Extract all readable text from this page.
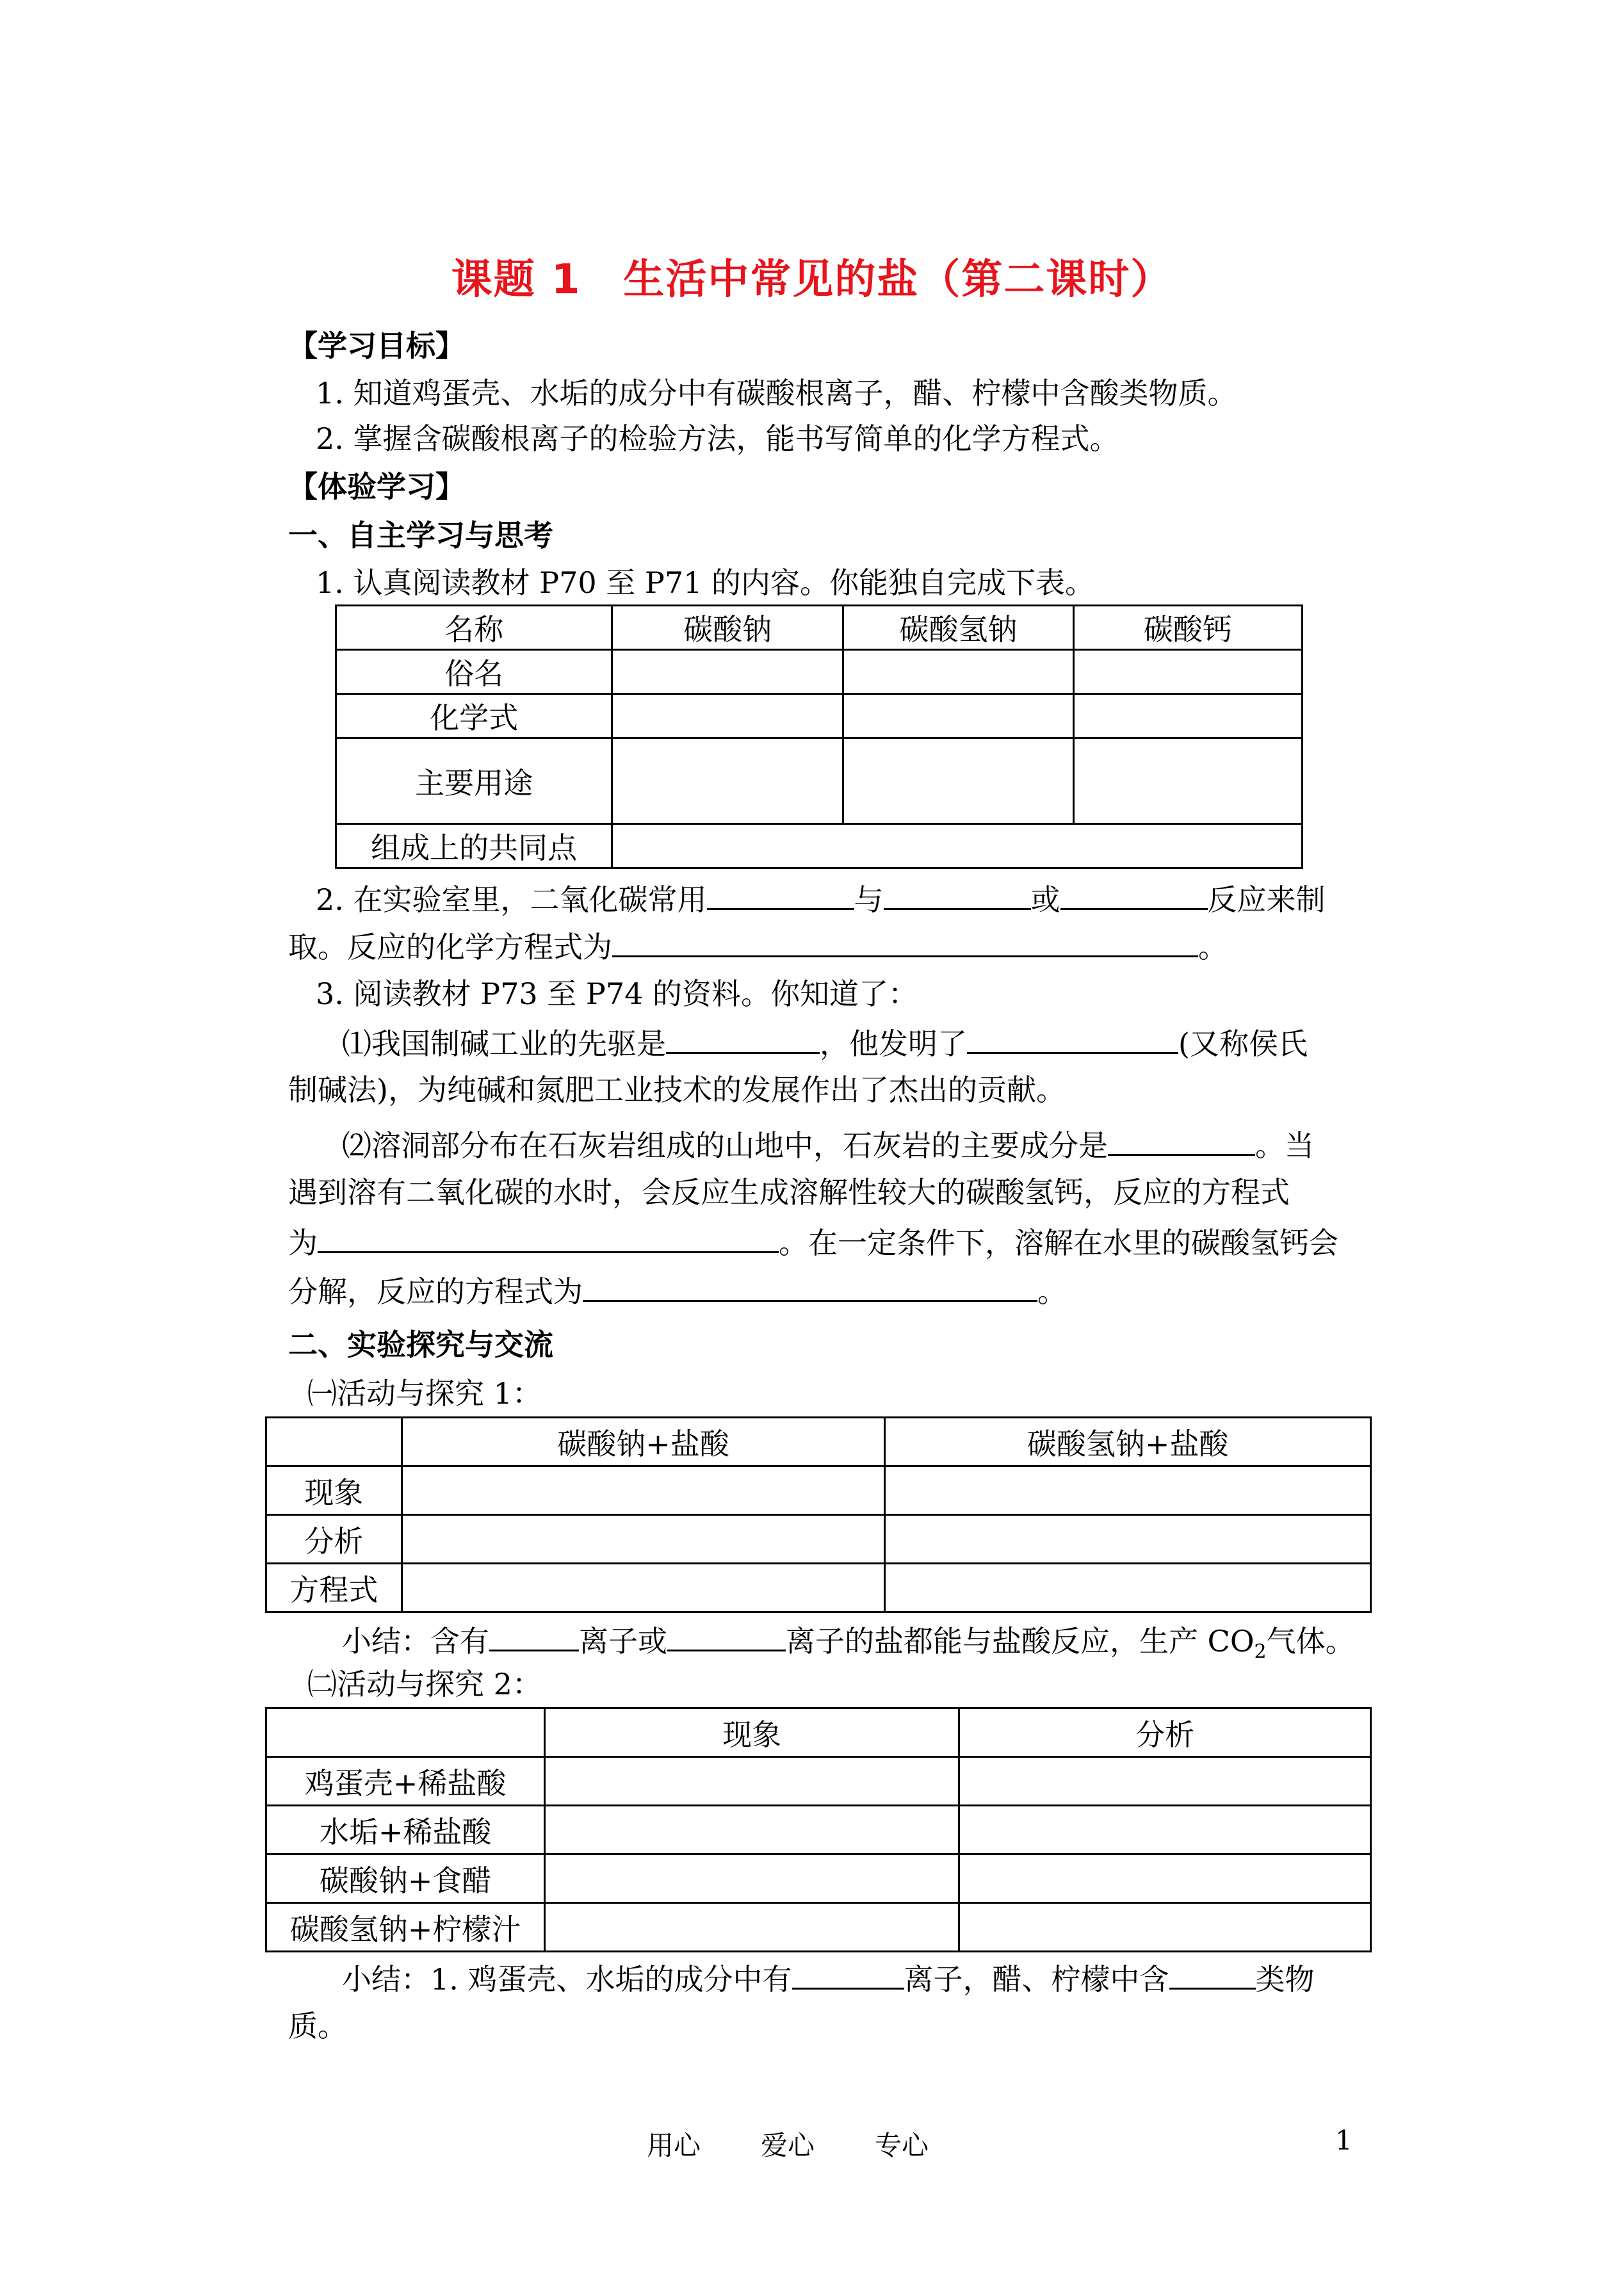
课题 1　生活中常见的盐（第二课时）
【学习目标】
1. 知道鸡蛋壳、水垢的成分中有碳酸根离子，醋、柠檬中含酸类物质。
2. 掌握含碳酸根离子的检验方法，能书写简单的化学方程式。
【体验学习】
一、自主学习与思考
1. 认真阅读教材 P70 至 P71 的内容。你能独自完成下表。
名称	碳酸钠	碳酸氢钠	碳酸钙
俗名			
化学式			
主要用途			
组成上的共同点			
2. 在实验室里，二氧化碳常用	与	或	反应来制
取。反应的化学方程式为	。
3. 阅读教材 P73 至 P74 的资料。你知道了：
⑴我国制碱工业的先驱是	，他发明了	(又称侯氏
制碱法)，为纯碱和氮肥工业技术的发展作出了杰出的贡献。
⑵溶洞部分布在石灰岩组成的山地中，石灰岩的主要成分是	。当
遇到溶有二氧化碳的水时，会反应生成溶解性较大的碳酸氢钙，反应的方程式
为	。在一定条件下，溶解在水里的碳酸氢钙会
分解，反应的方程式为	。
二、实验探究与交流
㈠活动与探究 1：
	碳酸钠+盐酸	碳酸氢钠+盐酸
现象		
分析		
方程式		
小结：含有	离子或	离子的盐都能与盐酸反应，生产 $CO_2$气体。
㈡活动与探究 2：
	现象	分析
鸡蛋壳+稀盐酸		
水垢+稀盐酸		
碳酸钠+食醋		
碳酸氢钠+柠檬汁		
小结：1. 鸡蛋壳、水垢的成分中有	离子，醋、柠檬中含	类物
质。
用心 爱心 专心	1
